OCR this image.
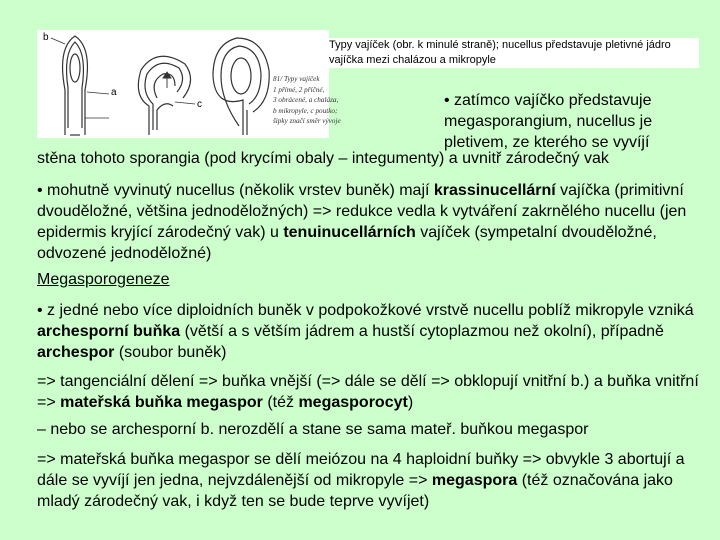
b
a
c
81/ Typy vajíček
1 přímé, 2 příčné,
3 obrácené, a chaláza,
b mikropyle, c poutko;
šipky značí směr vývoje
Typy vajíček (obr. k minulé straně); nucellus představuje pletivné jádro vajíčka mezi chalázou a mikropyle
• zatímco vajíčko představuje
megasporangium, nucellus je
pletivem, ze kterého se vyvíjí
stěna tohoto sporangia (pod krycími obaly – integumenty) a uvnitř zárodečný vak
• mohutně vyvinutý nucellus (několik vrstev buněk) mají krassinucellární vajíčka (primitivní dvouděložné, většina jednoděložných) => redukce vedla k vytváření zakrnělého nucellu (jen epidermis kryjící zárodečný vak) u tenuinucellárních vajíček (sympetalní dvouděložné, odvozené jednoděložné)
Megasporogeneze
• z jedné nebo více diploidních buněk v podpokožkové vrstvě nucellu poblíž mikropyle vzniká archesporní buňka (větší a s větším jádrem a hustší cytoplazmou než okolní), případně archespor (soubor buněk)
=> tangenciální dělení => buňka vnější (=> dále se dělí => obklopují vnitřní b.) a buňka vnitřní => mateřská buňka megaspor (též megasporocyt)
– nebo se archesporní b. nerozdělí a stane se sama mateř. buňkou megaspor
=> mateřská buňka megaspor se dělí meiózou na 4 haploidní buňky => obvykle 3 abortují a dále se vyvíjí jen jedna, nejvzdálenější od mikropyle => megaspora (též označována jako mladý zárodečný vak, i když ten se bude teprve vyvíjet)
